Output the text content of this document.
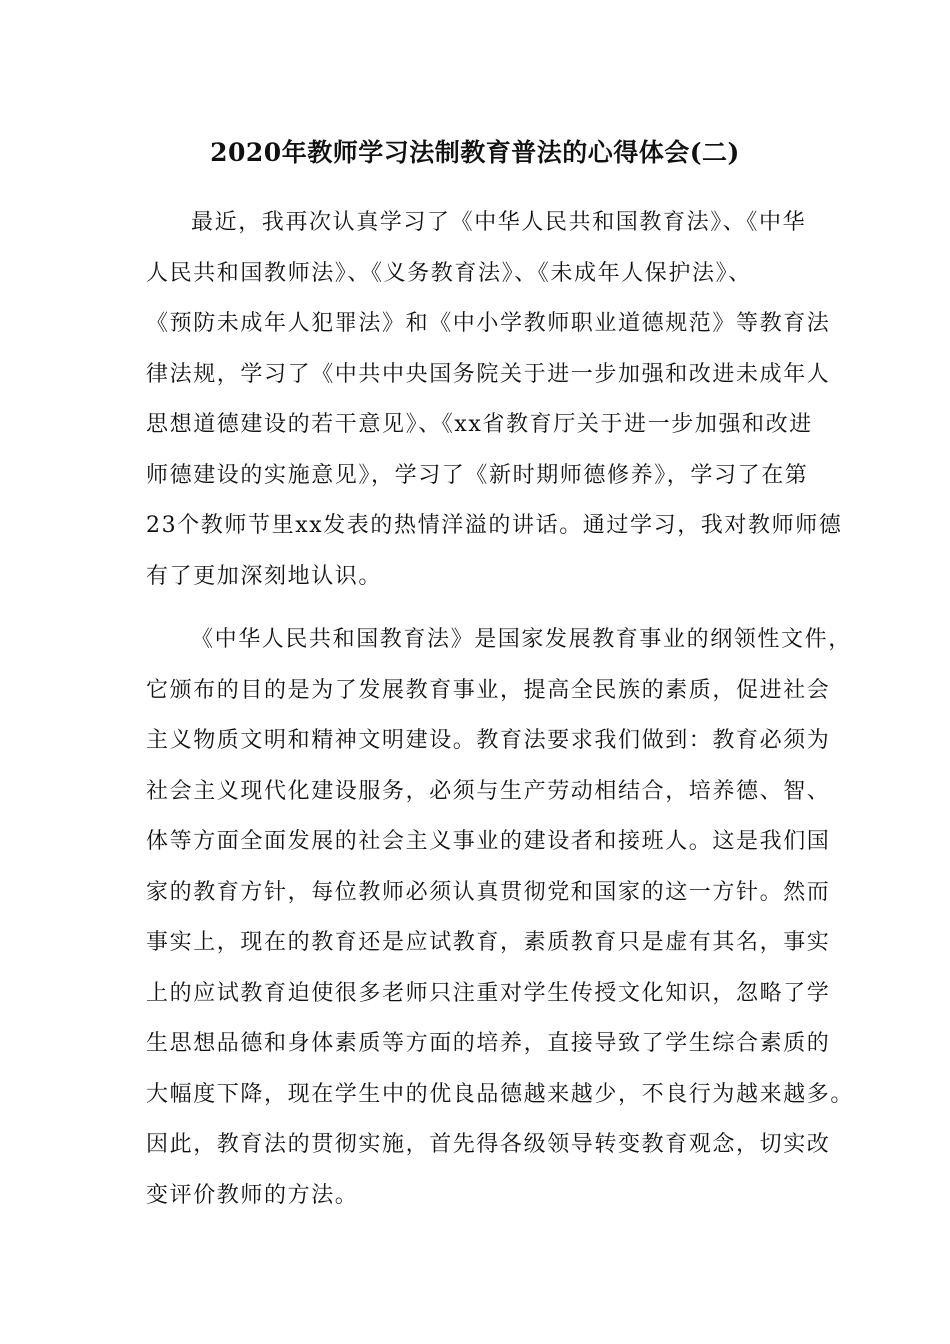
2020年教师学习法制教育普法的心得体会(二)
最近，我再次认真学习了《中华人民共和国教育法》、《中华
人民共和国教师法》、《义务教育法》、《未成年人保护法》、
《预防未成年人犯罪法》和《中小学教师职业道德规范》等教育法
律法规，学习了《中共中央国务院关于进一步加强和改进未成年人
思想道德建设的若干意见》、《xx省教育厅关于进一步加强和改进
师德建设的实施意见》，学习了《新时期师德修养》，学习了在第
23个教师节里xx发表的热情洋溢的讲话。通过学习，我对教师师德
有了更加深刻地认识。
《中华人民共和国教育法》是国家发展教育事业的纲领性文件，
它颁布的目的是为了发展教育事业，提高全民族的素质，促进社会
主义物质文明和精神文明建设。教育法要求我们做到：教育必须为
社会主义现代化建设服务，必须与生产劳动相结合，培养德、智、
体等方面全面发展的社会主义事业的建设者和接班人。这是我们国
家的教育方针，每位教师必须认真贯彻党和国家的这一方针。然而
事实上，现在的教育还是应试教育，素质教育只是虚有其名，事实
上的应试教育迫使很多老师只注重对学生传授文化知识，忽略了学
生思想品德和身体素质等方面的培养，直接导致了学生综合素质的
大幅度下降，现在学生中的优良品德越来越少，不良行为越来越多。
因此，教育法的贯彻实施，首先得各级领导转变教育观念，切实改
变评价教师的方法。
